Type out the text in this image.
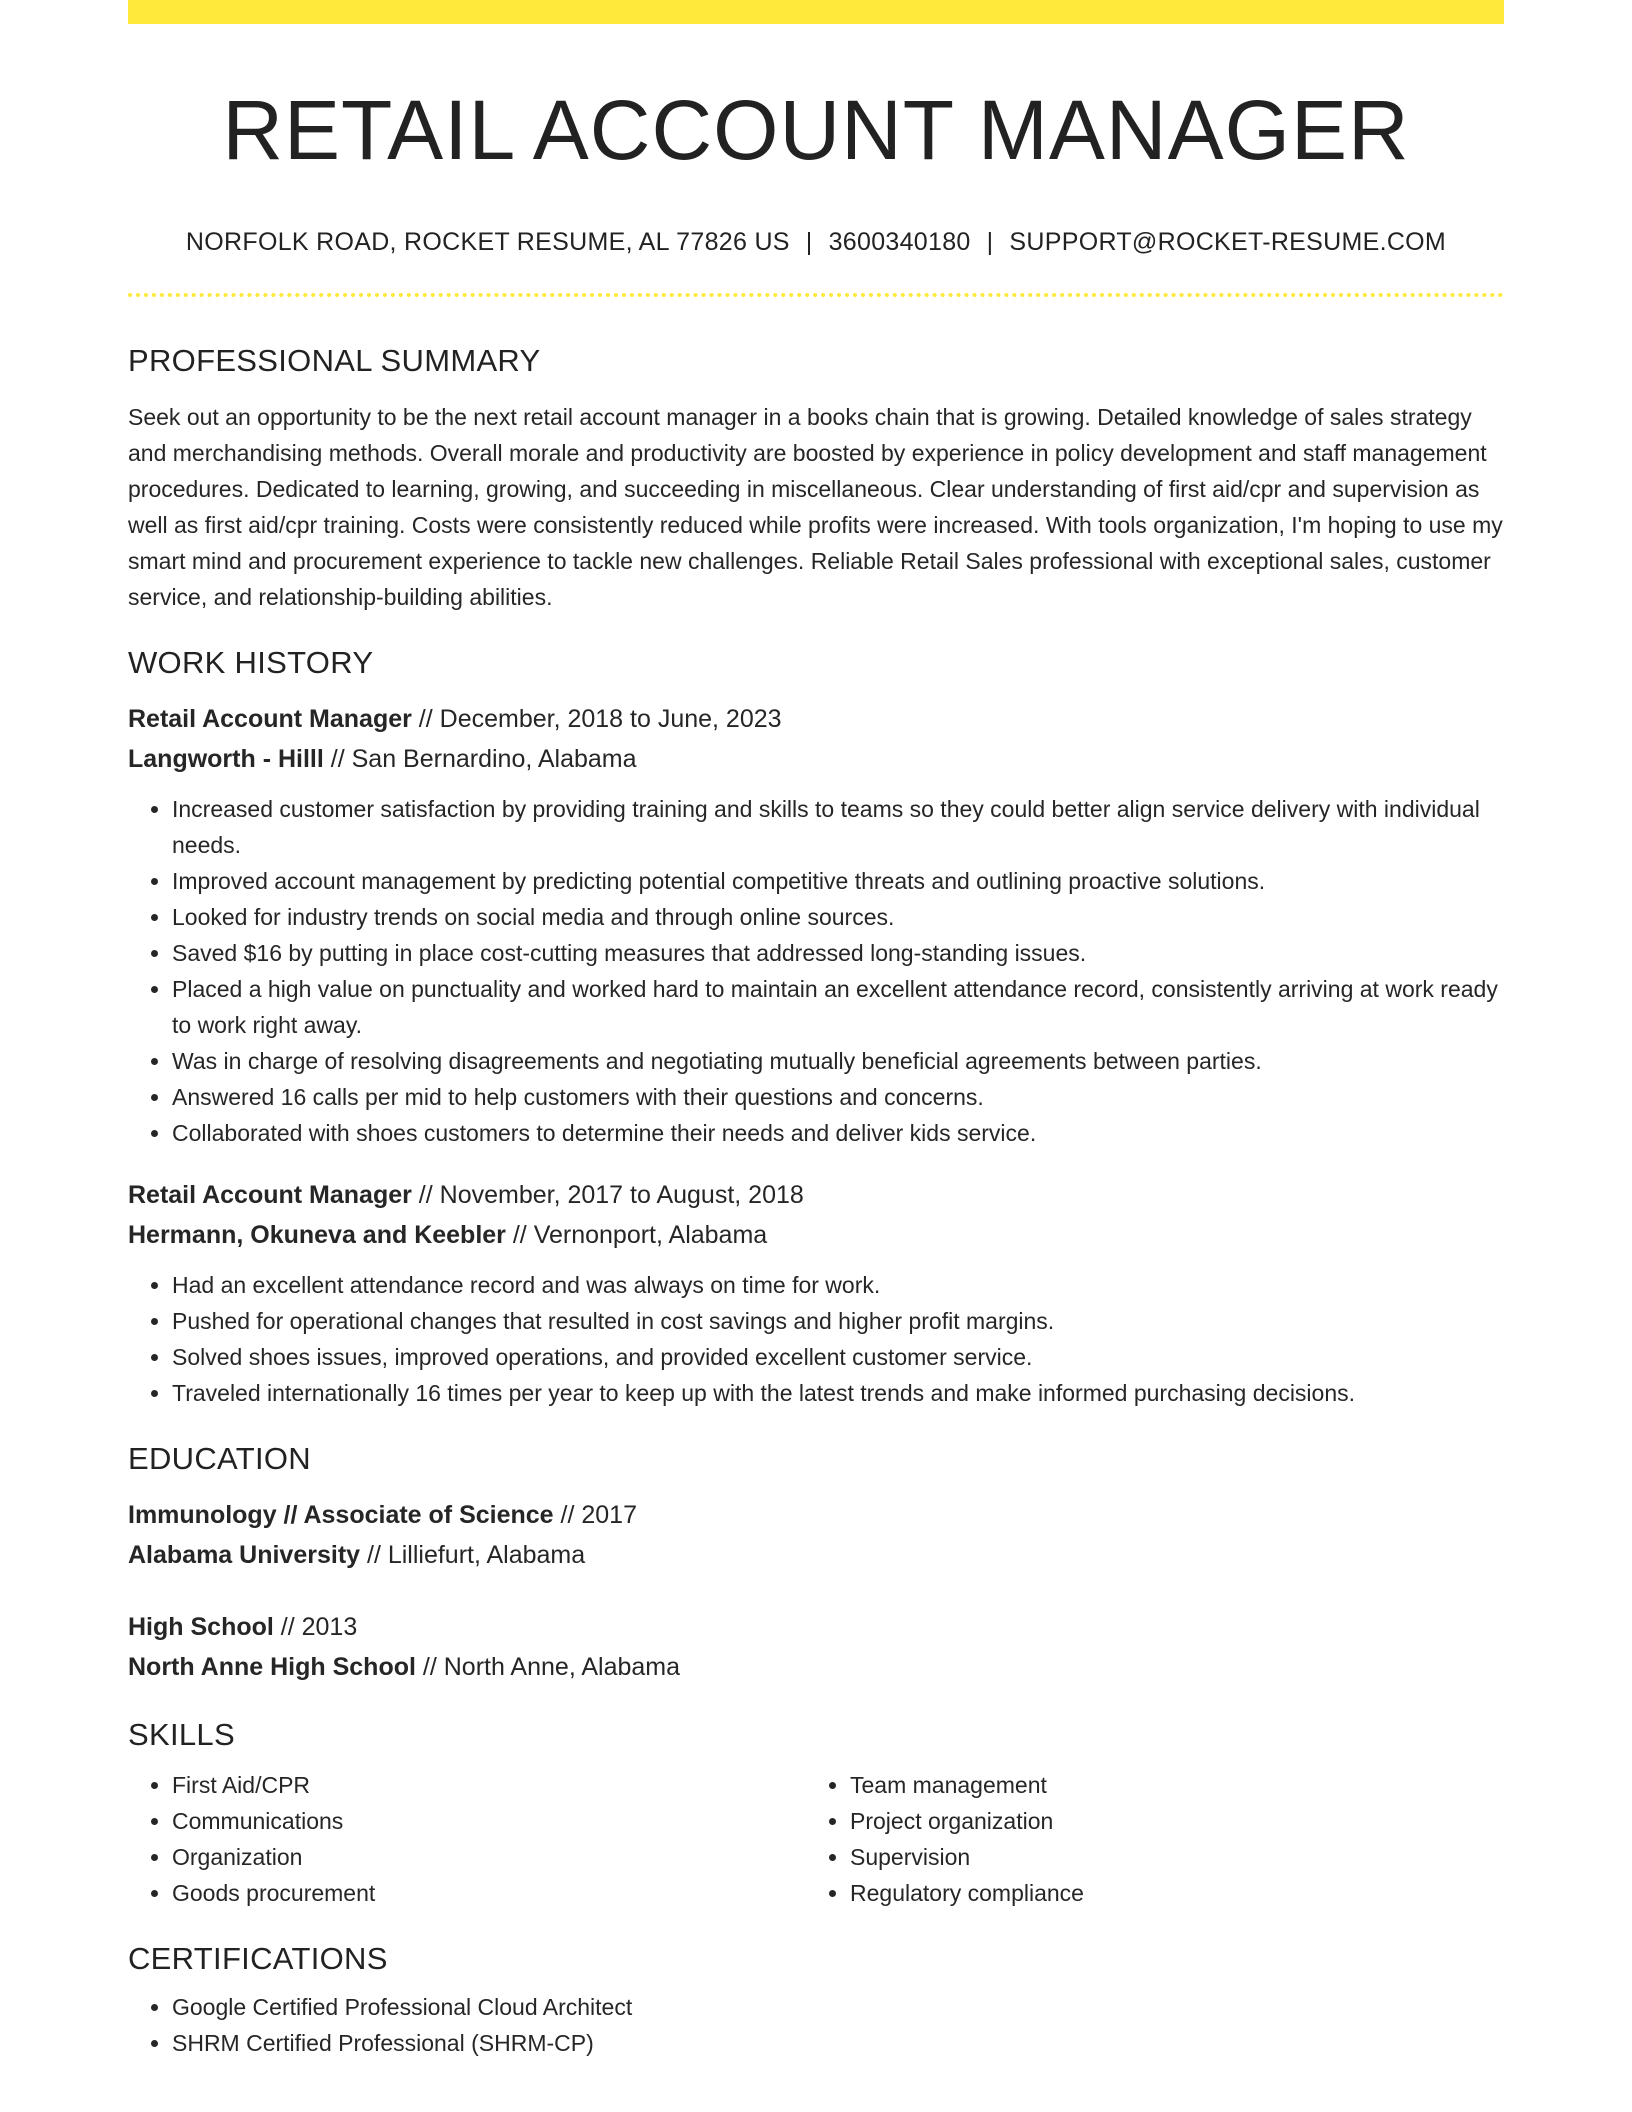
RETAIL ACCOUNT MANAGER
NORFOLK ROAD, ROCKET RESUME, AL 77826 US | 3600340180 | SUPPORT@ROCKET-RESUME.COM
PROFESSIONAL SUMMARY
Seek out an opportunity to be the next retail account manager in a books chain that is growing. Detailed knowledge of sales strategy and merchandising methods. Overall morale and productivity are boosted by experience in policy development and staff management procedures. Dedicated to learning, growing, and succeeding in miscellaneous. Clear understanding of first aid/cpr and supervision as well as first aid/cpr training. Costs were consistently reduced while profits were increased. With tools organization, I'm hoping to use my smart mind and procurement experience to tackle new challenges. Reliable Retail Sales professional with exceptional sales, customer service, and relationship-building abilities.
WORK HISTORY
Retail Account Manager // December, 2018 to June, 2023
Langworth - Hilll // San Bernardino, Alabama
• Increased customer satisfaction by providing training and skills to teams so they could better align service delivery with individual needs.
• Improved account management by predicting potential competitive threats and outlining proactive solutions.
• Looked for industry trends on social media and through online sources.
• Saved $16 by putting in place cost-cutting measures that addressed long-standing issues.
• Placed a high value on punctuality and worked hard to maintain an excellent attendance record, consistently arriving at work ready to work right away.
• Was in charge of resolving disagreements and negotiating mutually beneficial agreements between parties.
• Answered 16 calls per mid to help customers with their questions and concerns.
• Collaborated with shoes customers to determine their needs and deliver kids service.
Retail Account Manager // November, 2017 to August, 2018
Hermann, Okuneva and Keebler // Vernonport, Alabama
• Had an excellent attendance record and was always on time for work.
• Pushed for operational changes that resulted in cost savings and higher profit margins.
• Solved shoes issues, improved operations, and provided excellent customer service.
• Traveled internationally 16 times per year to keep up with the latest trends and make informed purchasing decisions.
EDUCATION
Immunology // Associate of Science // 2017
Alabama University // Lilliefurt, Alabama
High School // 2013
North Anne High School // North Anne, Alabama
SKILLS
• First Aid/CPR
• Communications
• Organization
• Goods procurement
• Team management
• Project organization
• Supervision
• Regulatory compliance
CERTIFICATIONS
• Google Certified Professional Cloud Architect
• SHRM Certified Professional (SHRM-CP)
